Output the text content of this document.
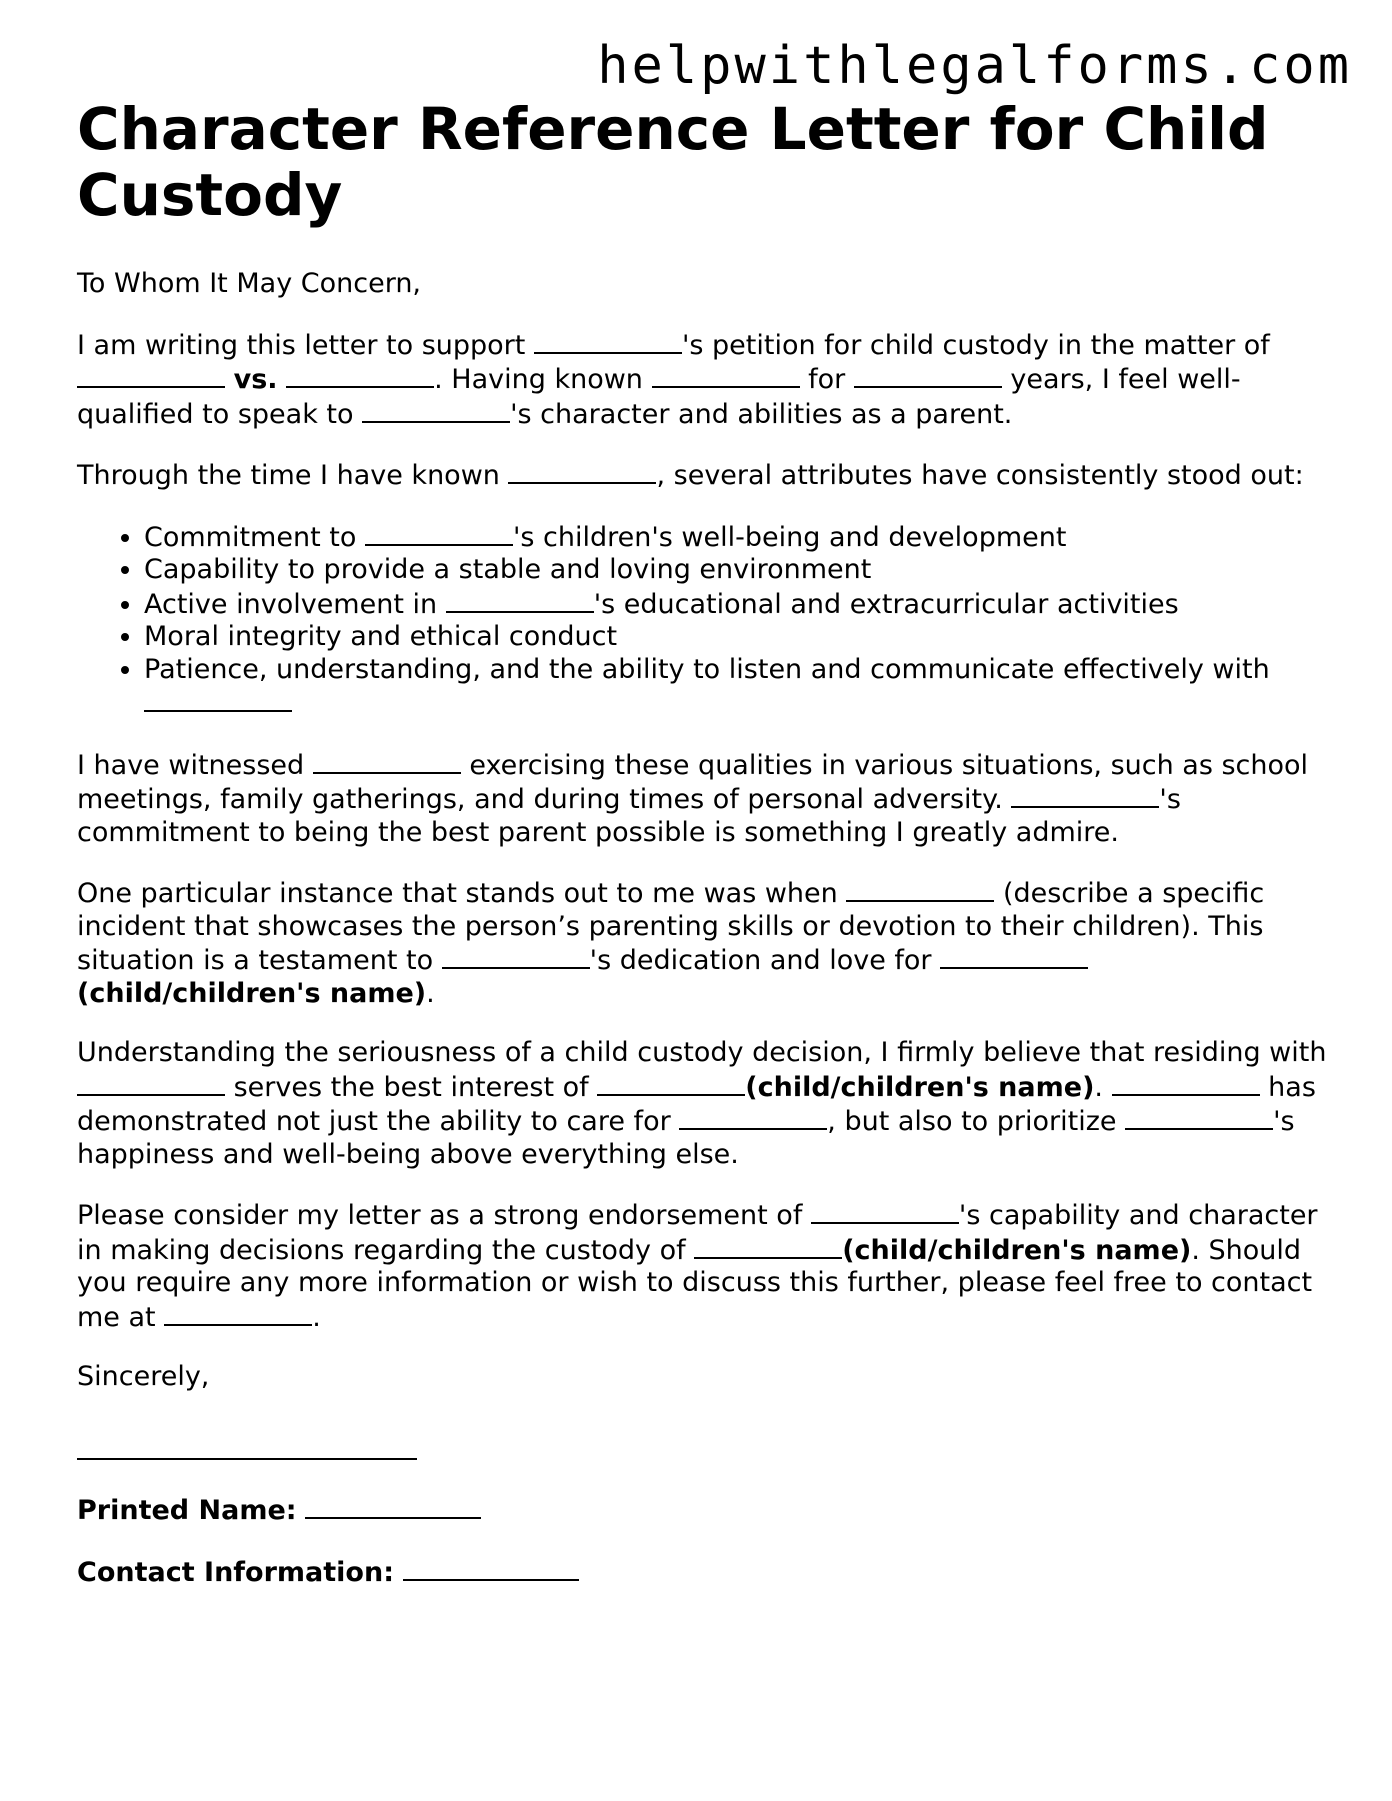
helpwithlegalforms.com
Character Reference Letter for Child Custody

To Whom It May Concern,

I am writing this letter to support	's petition for child custody in the matter of  vs.	. Having known	for	years, I feel well-qualified to speak to	's character and abilities as a parent.

Through the time I have known	, several attributes have consistently stood out:

• Commitment to	's children's well-being and development
• Capability to provide a stable and loving environment
• Active involvement in	's educational and extracurricular activities
• Moral integrity and ethical conduct
• Patience, understanding, and the ability to listen and communicate effectively with

I have witnessed	exercising these qualities in various situations, such as school meetings, family gatherings, and during times of personal adversity.	's commitment to being the best parent possible is something I greatly admire.

One particular instance that stands out to me was when	(describe a specific incident that showcases the person’s parenting skills or devotion to their children). This situation is a testament to	's dedication and love for (child/children's name).

Understanding the seriousness of a child custody decision, I firmly believe that residing with  serves the best interest of	(child/children's name).	has demonstrated not just the ability to care for	, but also to prioritize	's happiness and well-being above everything else.

Please consider my letter as a strong endorsement of	's capability and character in making decisions regarding the custody of	(child/children's name). Should you require any more information or wish to discuss this further, please feel free to contact me at	.

Sincerely,

Printed Name:

Contact Information:
